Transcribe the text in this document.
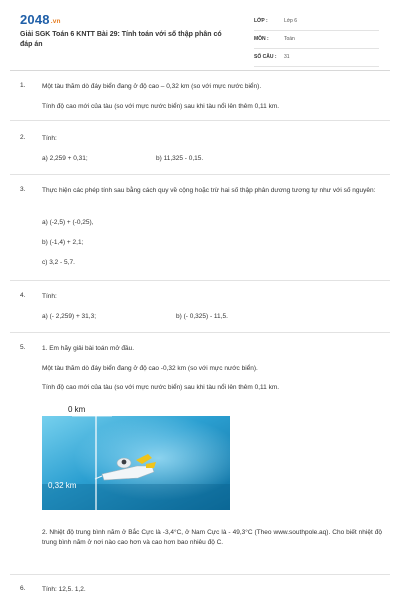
2048.vn
Giải SGK Toán 6 KNTT Bài 29: Tính toán với số thập phân có đáp án
LỚP :	Lớp 6
MÔN :	Toán
SỐ CÂU : 31
1.	Một tàu thăm dò đáy biển đang ở độ cao – 0,32 km (so với mực nước biển).
Tính độ cao mới của tàu (so với mực nước biển) sau khi tàu nổi lên thêm 0,11 km.
2.	Tính:
a) 2,259 + 0,31;	b) 11,325 - 0,15.
3.	Thực hiện các phép tính sau bằng cách quy về cộng hoặc trừ hai số thập phân dương tương tự như với số nguyên:
a) (-2,5) + (-0,25),
b) (-1,4) + 2,1;
c) 3,2 - 5,7.
4.	Tính:
a) (- 2,259) + 31,3;	b) (- 0,325) - 11,5.
5.	1. Em hãy giải bài toán mở đầu.
Một tàu thăm dò đáy biển đang ở độ cao -0,32 km (so với mực nước biển).
Tính độ cao mới của tàu (so với mực nước biển) sau khi tàu nổi lên thêm 0,11 km.
0 km
0,32 km
2. Nhiệt độ trung bình năm ở Bắc Cực là -3,4°C, ở Nam Cực là - 49,3°C (Theo www.southpole.aq). Cho biết nhiệt độ trung bình năm ở nơi nào cao hơn và cao hơn bao nhiêu độ C.
6.	Tính: 12,5. 1,2.
